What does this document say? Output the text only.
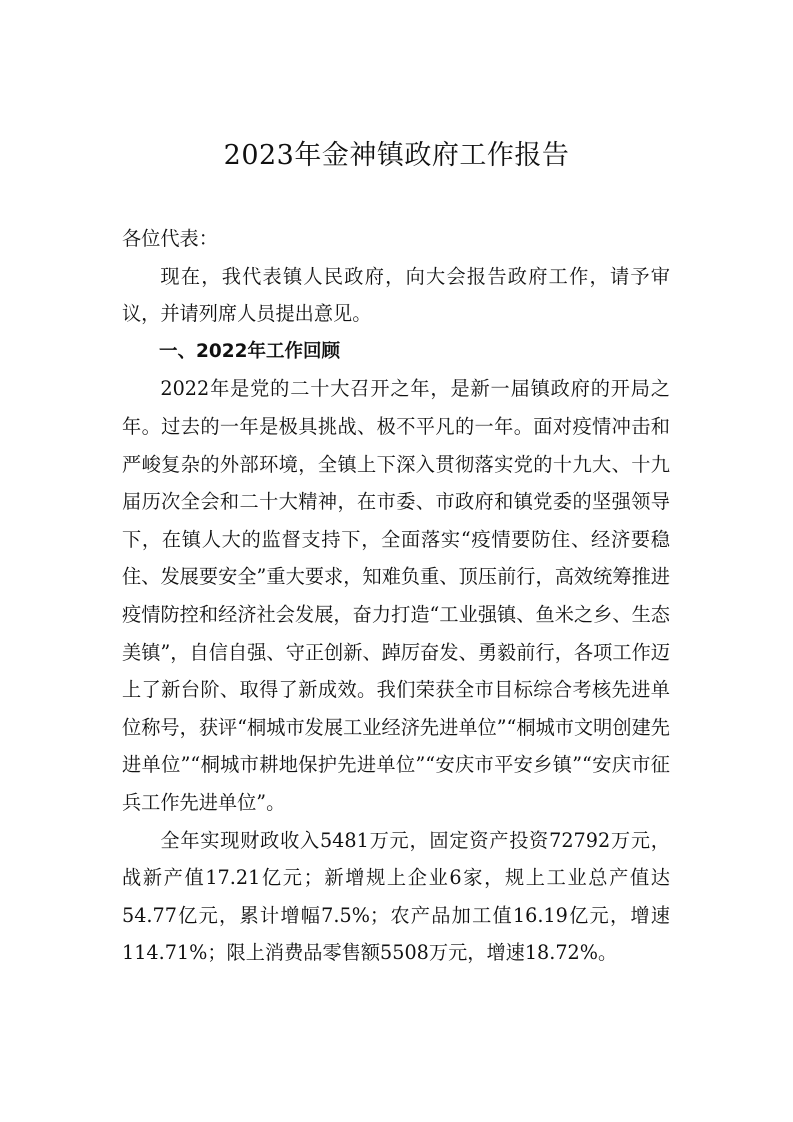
2023年金神镇政府工作报告

各位代表：

现在，我代表镇人民政府，向大会报告政府工作，请予审议，并请列席人员提出意见。

一、2022年工作回顾

2022年是党的二十大召开之年，是新一届镇政府的开局之年。过去的一年是极具挑战、极不平凡的一年。面对疫情冲击和严峻复杂的外部环境，全镇上下深入贯彻落实党的十九大、十九届历次全会和二十大精神，在市委、市政府和镇党委的坚强领导下，在镇人大的监督支持下，全面落实“疫情要防住、经济要稳住、发展要安全”重大要求，知难负重、顶压前行，高效统筹推进疫情防控和经济社会发展，奋力打造“工业强镇、鱼米之乡、生态美镇”，自信自强、守正创新、踔厉奋发、勇毅前行，各项工作迈上了新台阶、取得了新成效。我们荣获全市目标综合考核先进单位称号，获评“桐城市发展工业经济先进单位”“桐城市文明创建先进单位”“桐城市耕地保护先进单位”“安庆市平安乡镇”“安庆市征兵工作先进单位”。

全年实现财政收入5481万元，固定资产投资72792万元，战新产值17.21亿元；新增规上企业6家，规上工业总产值达54.77亿元，累计增幅7.5%；农产品加工值16.19亿元，增速114.71%；限上消费品零售额5508万元，增速18.72%。
